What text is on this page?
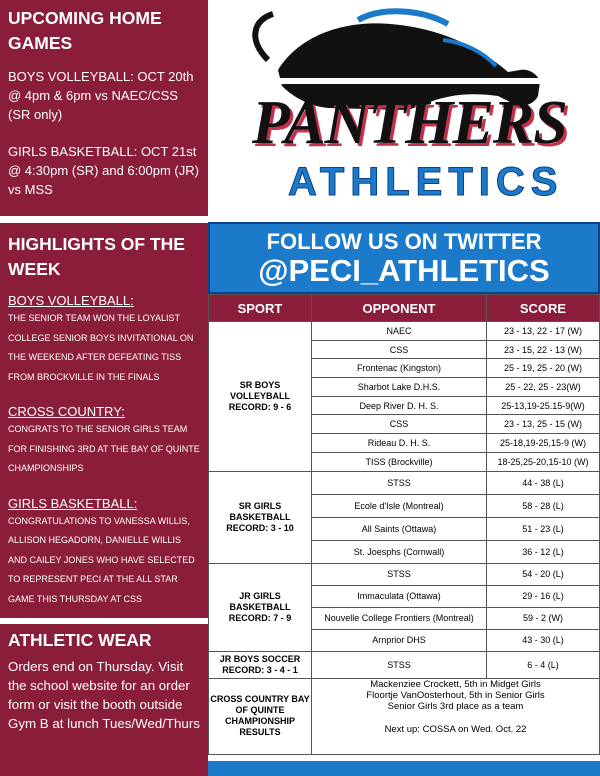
UPCOMING HOME GAMES
BOYS VOLLEYBALL: OCT 20th @ 4pm & 6pm vs NAEC/CSS (SR only)
GIRLS BASKETBALL: OCT 21st @ 4:30pm (SR) and 6:00pm (JR) vs MSS
HIGHLIGHTS OF THE WEEK
BOYS VOLLEYBALL:
THE SENIOR TEAM WON THE LOYALIST COLLEGE SENIOR BOYS INVITATIONAL ON THE WEEKEND AFTER DEFEATING TISS FROM BROCKVILLE IN THE FINALS
CROSS COUNTRY:
CONGRATS TO THE SENIOR GIRLS TEAM FOR FINISHING 3RD AT THE BAY OF QUINTE CHAMPIONSHIPS
GIRLS BASKETBALL:
CONGRATULATIONS TO VANESSA WILLIS, ALLISON HEGADORN, DANIELLE WILLIS AND CAILEY JONES WHO HAVE SELECTED TO REPRESENT PECI AT THE ALL STAR GAME THIS THURSDAY AT CSS
ATHLETIC WEAR
Orders end on Thursday. Visit the school website for an order form or visit the booth outside Gym B at lunch Tues/Wed/Thurs
PANTHERS
ATHLETICS
FOLLOW US ON TWITTER
@PECI_ATHLETICS
SPORT	OPPONENT	SCORE
SR BOYS VOLLEYBALL RECORD: 9 - 6	NAEC	23 - 13, 22 - 17 (W)
	CSS	23 - 15, 22 - 13 (W)
	Frontenac (Kingston)	25 - 19, 25 - 20 (W)
	Sharbot Lake D.H.S.	25 - 22, 25 - 23(W)
	Deep River D. H. S.	25-13,19-25.15-9(W)
	CSS	23 - 13, 25 - 15 (W)
	Rideau D. H. S.	25-18,19-25,15-9 (W)
	TISS (Brockville)	18-25,25-20,15-10 (W)
SR GIRLS BASKETBALL RECORD: 3 - 10	STSS	44 - 38 (L)
	Ecole d'Isle (Montreal)	58 - 28 (L)
	All Saints (Ottawa)	51 - 23 (L)
	St. Joesphs (Cornwall)	36 - 12 (L)
JR GIRLS BASKETBALL RECORD: 7 - 9	STSS	54 - 20 (L)
	Immaculata (Ottawa)	29 - 16 (L)
	Nouvelle College Frontiers (Montreal)	59 - 2 (W)
	Arnprior DHS	43 - 30 (L)
JR BOYS SOCCER RECORD: 3 - 4 - 1	STSS	6 - 4 (L)
CROSS COUNTRY BAY OF QUINTE CHAMPIONSHIP RESULTS	Mackenziee Crockett, 5th in Midget Girls
Floortje VanOosterhout, 5th in Senior Girls
Senior Girls 3rd place as a team
Next up: COSSA on Wed. Oct. 22	
